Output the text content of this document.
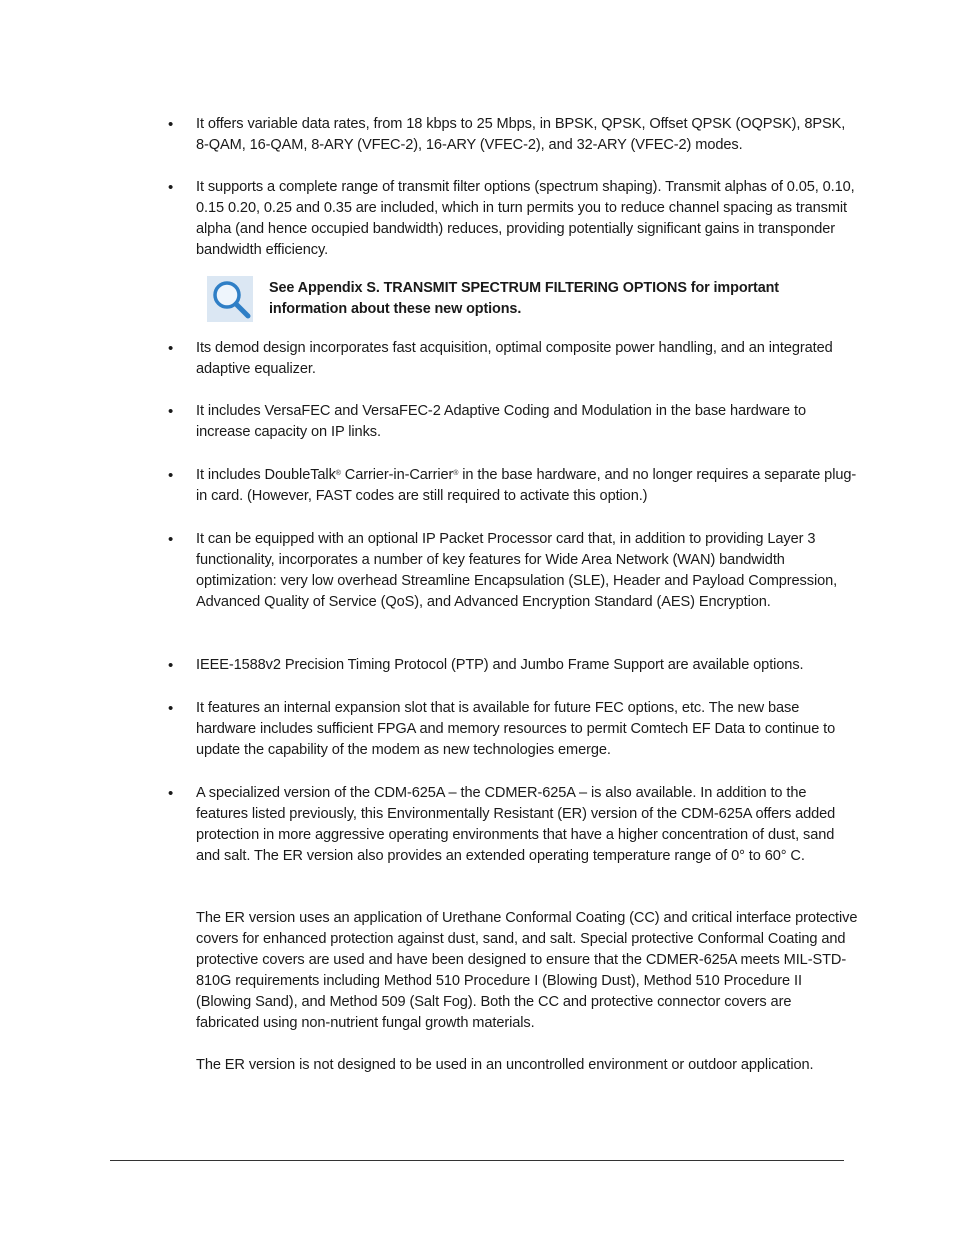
•	It offers variable data rates, from 18 kbps to 25 Mbps, in BPSK, QPSK, Offset QPSK (OQPSK), 8PSK, 8-QAM, 16-QAM, 8-ARY (VFEC-2), 16-ARY (VFEC-2), and 32-ARY (VFEC-2) modes.
•	It supports a complete range of transmit filter options (spectrum shaping). Transmit alphas of 0.05, 0.10, 0.15 0.20, 0.25 and 0.35 are included, which in turn permits you to reduce channel spacing as transmit alpha (and hence occupied bandwidth) reduces, providing potentially significant gains in transponder bandwidth efficiency.
See Appendix S. TRANSMIT SPECTRUM FILTERING OPTIONS for important information about these new options.
•	Its demod design incorporates fast acquisition, optimal composite power handling, and an integrated adaptive equalizer.
•	It includes VersaFEC and VersaFEC-2 Adaptive Coding and Modulation in the base hardware to increase capacity on IP links.
•	It includes DoubleTalk® Carrier-in-Carrier® in the base hardware, and no longer requires a separate plug-in card. (However, FAST codes are still required to activate this option.)
•	It can be equipped with an optional IP Packet Processor card that, in addition to providing Layer 3 functionality, incorporates a number of key features for Wide Area Network (WAN) bandwidth optimization: very low overhead Streamline Encapsulation (SLE), Header and Payload Compression, Advanced Quality of Service (QoS), and Advanced Encryption Standard (AES) Encryption.
•	IEEE-1588v2 Precision Timing Protocol (PTP) and Jumbo Frame Support are available options.
•	It features an internal expansion slot that is available for future FEC options, etc. The new base hardware includes sufficient FPGA and memory resources to permit Comtech EF Data to continue to update the capability of the modem as new technologies emerge.
•	A specialized version of the CDM-625A – the CDMER-625A – is also available. In addition to the features listed previously, this Environmentally Resistant (ER) version of the CDM-625A offers added protection in more aggressive operating environments that have a higher concentration of dust, sand and salt. The ER version also provides an extended operating temperature range of 0° to 60° C.
The ER version uses an application of Urethane Conformal Coating (CC) and critical interface protective covers for enhanced protection against dust, sand, and salt. Special protective Conformal Coating and protective covers are used and have been designed to ensure that the CDMER-625A meets MIL-STD-810G requirements including Method 510 Procedure I (Blowing Dust), Method 510 Procedure II (Blowing Sand), and Method 509 (Salt Fog). Both the CC and protective connector covers are fabricated using non-nutrient fungal growth materials.
The ER version is not designed to be used in an uncontrolled environment or outdoor application.
